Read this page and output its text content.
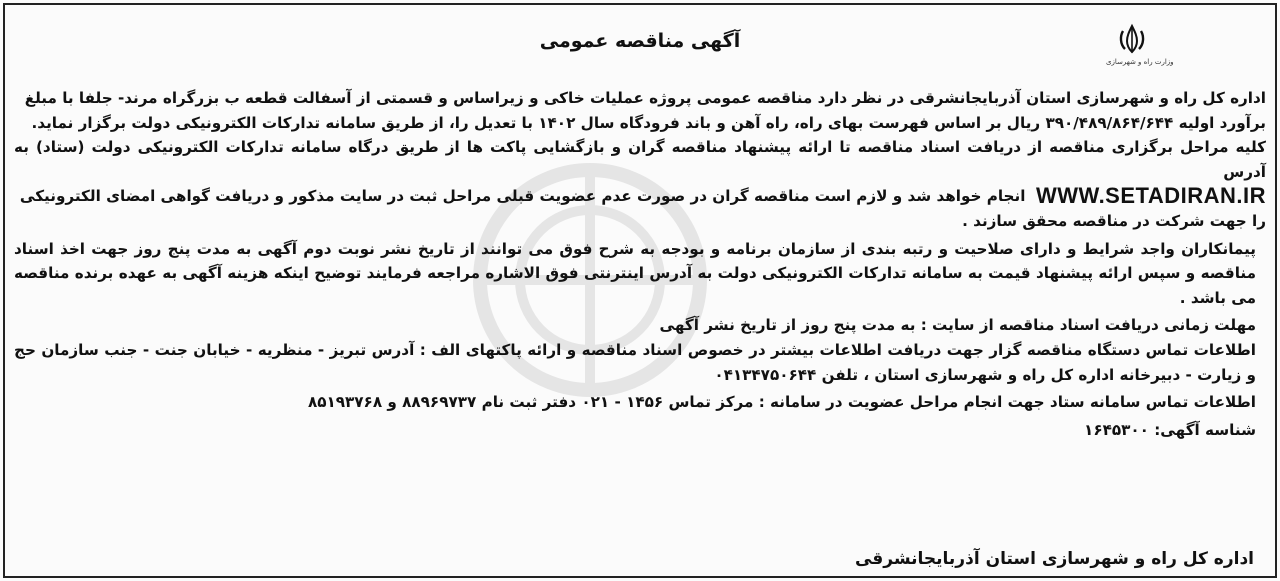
وزارت راه و شهرسازی
آگهی مناقصه عمومی

اداره کل راه و شهرسازی استان آذربایجانشرقی در نظر دارد مناقصه عمومی پروژه عملیات خاکی و زیراساس و قسمتی از آسفالت قطعه ب بزرگراه مرند- جلفا با مبلغ

برآورد اولیه ۳۹۰/۴۸۹/۸۶۴/۶۴۴ ریال بر اساس فهرست بهای راه، راه آهن و باند فرودگاه سال ۱۴۰۲ با تعدیل را، از طریق سامانه تدارکات الکترونیکی دولت برگزار نماید.

کلیه مراحل برگزاری مناقصه از دریافت اسناد مناقصه تا ارائه پیشنهاد مناقصه گران و بازگشایی پاکت ها از طریق درگاه سامانه تدارکات الکترونیکی دولت (ستاد) به آدرس

WWW.SETADIRAN.IR  انجام خواهد شد و لازم است مناقصه گران در صورت عدم عضویت قبلی مراحل ثبت در سایت مذکور و دریافت گواهی امضای الکترونیکی

را جهت شرکت در مناقصه محقق سازند .

پیمانکاران واجد شرایط و دارای صلاحیت و رتبه بندی از سازمان برنامه و بودجه به شرح فوق می توانند از تاریخ نشر نوبت دوم آگهی به مدت پنج روز جهت اخذ اسناد مناقصه و سپس ارائه پیشنهاد قیمت به سامانه تدارکات الکترونیکی دولت به آدرس اینترنتی فوق الاشاره مراجعه فرمایند توضیح اینکه هزینه آگهی به عهده برنده مناقصه می باشد .

مهلت زمانی دریافت اسناد مناقصه از سایت : به مدت پنج روز از تاریخ نشر آگهی

اطلاعات تماس دستگاه مناقصه گزار جهت دریافت اطلاعات بیشتر در خصوص اسناد مناقصه و ارائه پاکتهای الف : آدرس تبریز - منظریه - خیابان جنت - جنب سازمان حج و زیارت - دبیرخانه اداره کل راه و شهرسازی استان ، تلفن ۰۴۱۳۴۷۵۰۶۴۴

اطلاعات تماس سامانه ستاد جهت انجام مراحل عضویت در سامانه : مرکز تماس ۱۴۵۶ - ۰۲۱ دفتر ثبت نام ۸۸۹۶۹۷۳۷ و ۸۵۱۹۳۷۶۸

شناسه آگهی: ۱۶۴۵۳۰۰

اداره کل راه و شهرسازی استان آذربایجانشرقی
